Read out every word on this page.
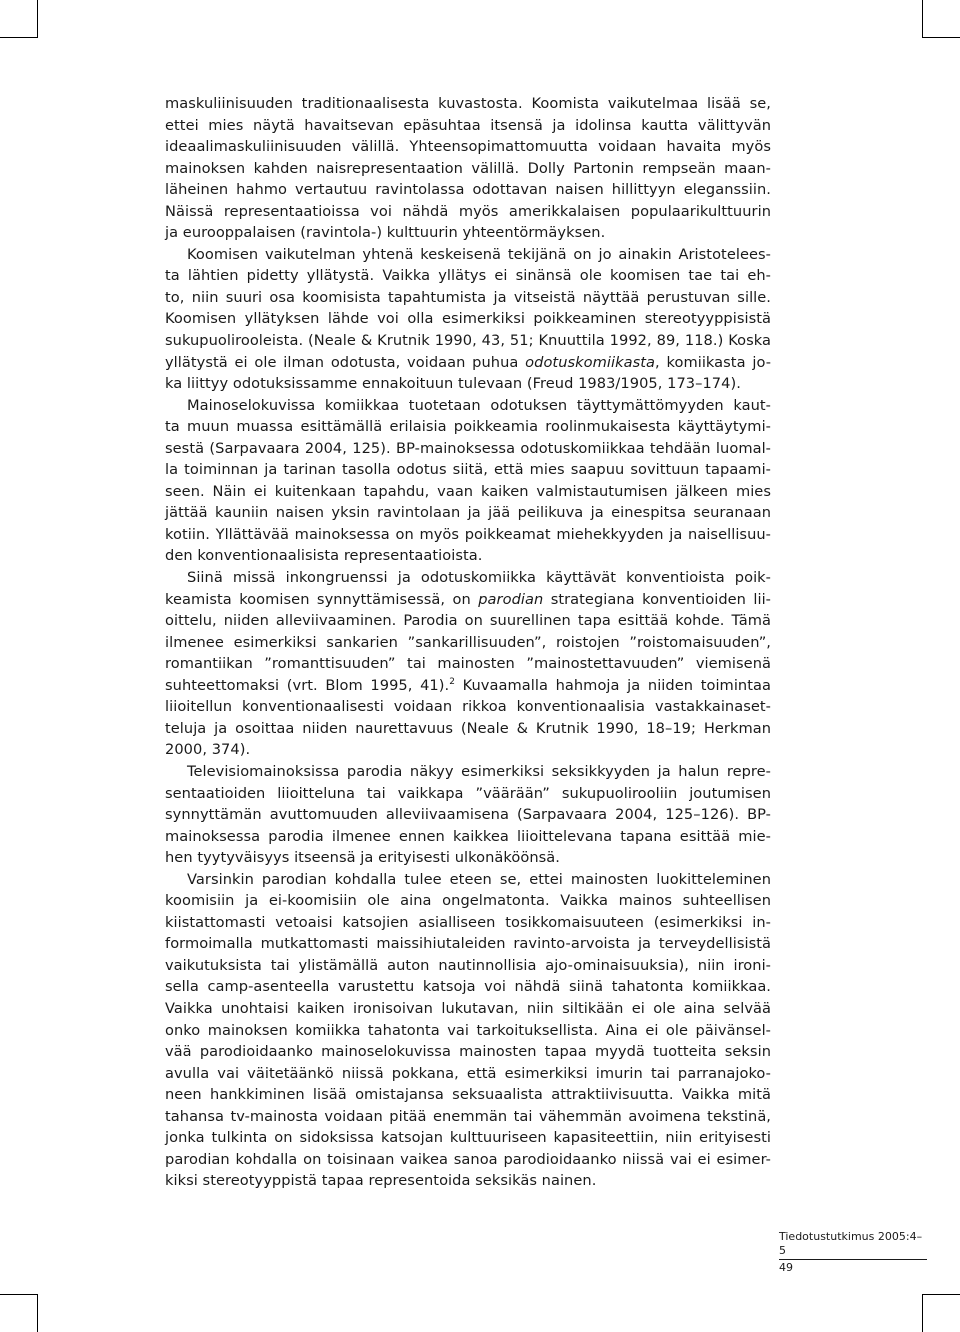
maskuliinisuuden traditionaalisesta kuvastosta. Koomista vaikutelmaa lisää se,
ettei mies näytä havaitsevan epäsuhtaa itsensä ja idolinsa kautta välittyvän
ideaalimaskuliinisuuden välillä. Yhteensopimattomuutta voidaan havaita myös
mainoksen kahden naisrepresentaation välillä. Dolly Partonin rempseän maan-
läheinen hahmo vertautuu ravintolassa odottavan naisen hillittyyn eleganssiin.
Näissä representaatioissa voi nähdä myös amerikkalaisen populaarikulttuurin
ja eurooppalaisen (ravintola-) kulttuurin yhteentörmäyksen.
Koomisen vaikutelman yhtenä keskeisenä tekijänä on jo ainakin Aristotelees-
ta lähtien pidetty yllätystä. Vaikka yllätys ei sinänsä ole koomisen tae tai eh-
to, niin suuri osa koomisista tapahtumista ja vitseistä näyttää perustuvan sille.
Koomisen yllätyksen lähde voi olla esimerkiksi poikkeaminen stereotyyppisistä
sukupuolirooleista. (Neale & Krutnik 1990, 43, 51; Knuuttila 1992, 89, 118.) Koska
yllätystä ei ole ilman odotusta, voidaan puhua odotuskomiikasta, komiikasta jo-
ka liittyy odotuksissamme ennakoituun tulevaan (Freud 1983/1905, 173–174).
Mainoselokuvissa komiikkaa tuotetaan odotuksen täyttymättömyyden kaut-
ta muun muassa esittämällä erilaisia poikkeamia roolinmukaisesta käyttäytymi-
sestä (Sarpavaara 2004, 125). BP-mainoksessa odotuskomiikkaa tehdään luomal-
la toiminnan ja tarinan tasolla odotus siitä, että mies saapuu sovittuun tapaami-
seen. Näin ei kuitenkaan tapahdu, vaan kaiken valmistautumisen jälkeen mies
jättää kauniin naisen yksin ravintolaan ja jää peilikuva ja einespitsa seuranaan
kotiin. Yllättävää mainoksessa on myös poikkeamat miehekkyyden ja naisellisuu-
den konventionaalisista representaatioista.
Siinä missä inkongruenssi ja odotuskomiikka käyttävät konventioista poik-
keamista koomisen synnyttämisessä, on parodian strategiana konventioiden lii-
oittelu, niiden alleviivaaminen. Parodia on suurellinen tapa esittää kohde. Tämä
ilmenee esimerkiksi sankarien ”sankarillisuuden”, roistojen ”roistomaisuuden”,
romantiikan ”romanttisuuden” tai mainosten ”mainostettavuuden” viemisenä
suhteettomaksi (vrt. Blom 1995, 41).$^2$ Kuvaamalla hahmoja ja niiden toimintaa
liioitellun konventionaalisesti voidaan rikkoa konventionaalisia vastakkainaset-
teluja ja osoittaa niiden naurettavuus (Neale & Krutnik 1990, 18–19; Herkman
2000, 374).
Televisiomainoksissa parodia näkyy esimerkiksi seksikkyyden ja halun repre-
sentaatioiden liioitteluna tai vaikkapa ”väärään” sukupuolirooliin joutumisen
synnyttämän avuttomuuden alleviivaamisena (Sarpavaara 2004, 125–126). BP-
mainoksessa parodia ilmenee ennen kaikkea liioittelevana tapana esittää mie-
hen tyytyväisyys itseensä ja erityisesti ulkonäköönsä.
Varsinkin parodian kohdalla tulee eteen se, ettei mainosten luokitteleminen
koomisiin ja ei-koomisiin ole aina ongelmatonta. Vaikka mainos suhteellisen
kiistattomasti vetoaisi katsojien asialliseen tosikkomaisuuteen (esimerkiksi in-
formoimalla mutkattomasti maissihiutaleiden ravinto-arvoista ja terveydellisistä
vaikutuksista tai ylistämällä auton nautinnollisia ajo-ominaisuuksia), niin ironi-
sella camp-asenteella varustettu katsoja voi nähdä siinä tahatonta komiikkaa.
Vaikka unohtaisi kaiken ironisoivan lukutavan, niin siltikään ei ole aina selvää
onko mainoksen komiikka tahatonta vai tarkoituksellista. Aina ei ole päivänsel-
vää parodioidaanko mainoselokuvissa mainosten tapaa myydä tuotteita seksin
avulla vai väitetäänkö niissä pokkana, että esimerkiksi imurin tai parranajoko-
neen hankkiminen lisää omistajansa seksuaalista attraktiivisuutta. Vaikka mitä
tahansa tv-mainosta voidaan pitää enemmän tai vähemmän avoimena tekstinä,
jonka tulkinta on sidoksissa katsojan kulttuuriseen kapasiteettiin, niin erityisesti
parodian kohdalla on toisinaan vaikea sanoa parodioidaanko niissä vai ei esimer-
kiksi stereotyyppistä tapaa representoida seksikäs nainen.
Tiedotustutkimus 2005:4–5
49
